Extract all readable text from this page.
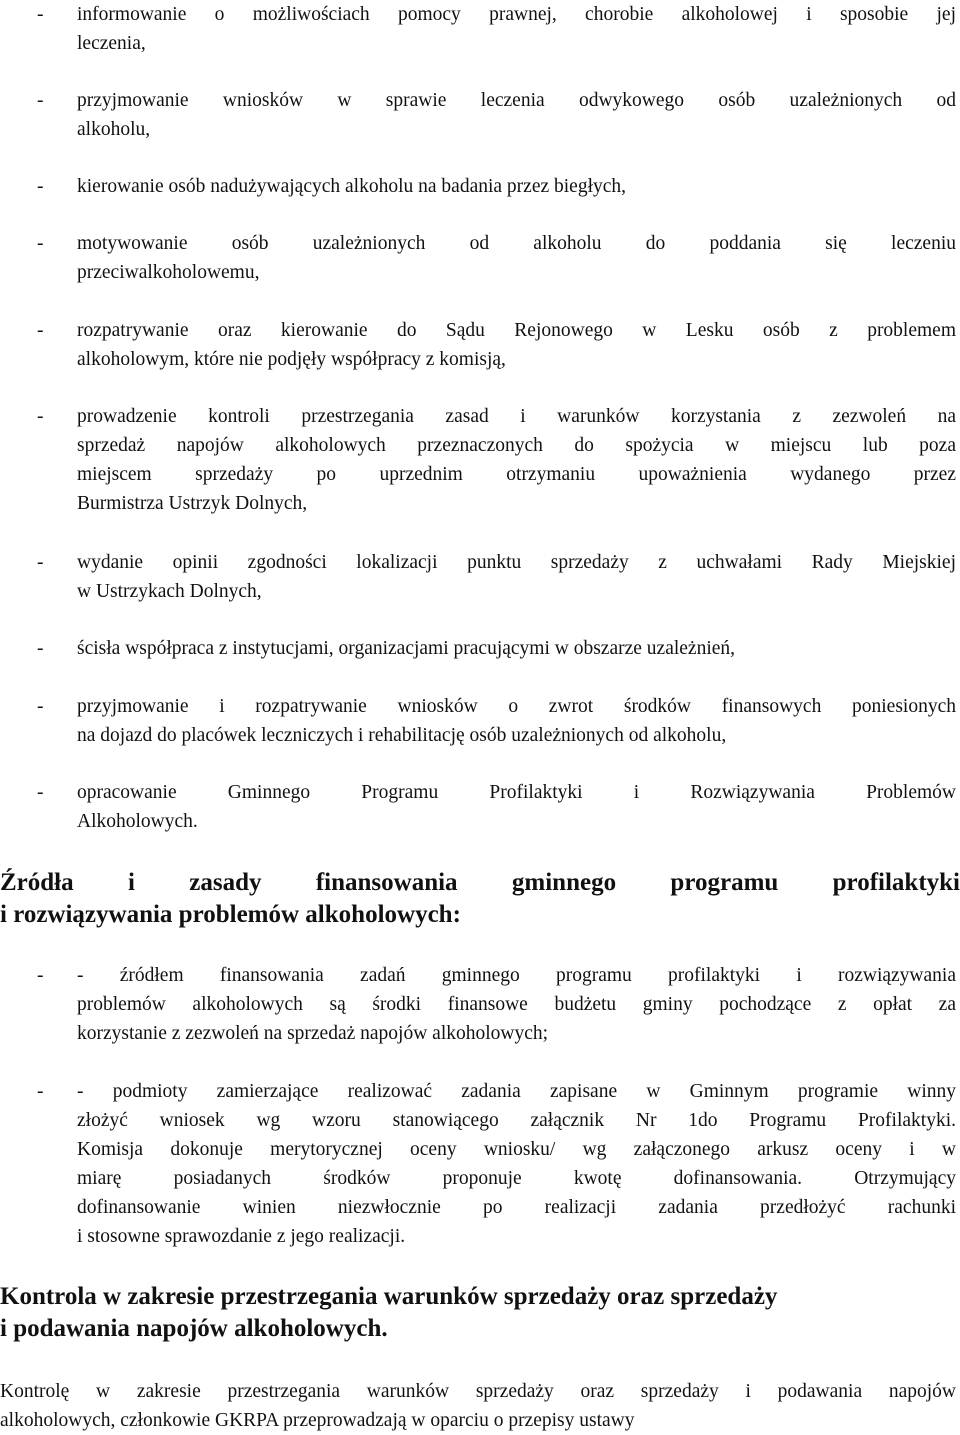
- informowanie o możliwościach pomocy prawnej, chorobie alkoholowej i sposobie jej
leczenia,
- przyjmowanie wniosków w sprawie leczenia odwykowego osób uzależnionych od
alkoholu,
- kierowanie osób nadużywających alkoholu na badania przez biegłych,
- motywowanie osób uzależnionych od alkoholu do poddania się leczeniu
przeciwalkoholowemu,
- rozpatrywanie oraz kierowanie do Sądu Rejonowego w Lesku osób z problemem
alkoholowym, które nie podjęły współpracy z komisją,
- prowadzenie kontroli przestrzegania zasad i warunków korzystania z zezwoleń na
sprzedaż napojów alkoholowych przeznaczonych do spożycia w miejscu lub poza
miejscem sprzedaży po uprzednim otrzymaniu upoważnienia wydanego przez
Burmistrza Ustrzyk Dolnych,
- wydanie opinii zgodności lokalizacji punktu sprzedaży z uchwałami Rady Miejskiej
w Ustrzykach Dolnych,
- ścisła współpraca z instytucjami, organizacjami pracującymi w obszarze uzależnień,
- przyjmowanie i rozpatrywanie wniosków o zwrot środków finansowych poniesionych
na dojazd do placówek leczniczych i rehabilitację osób uzależnionych od alkoholu,
- opracowanie Gminnego Programu Profilaktyki i Rozwiązywania Problemów
Alkoholowych.
Źródła i zasady finansowania gminnego programu profilaktyki
i rozwiązywania problemów alkoholowych:
- - źródłem finansowania zadań gminnego programu profilaktyki i rozwiązywania
problemów alkoholowych są środki finansowe budżetu gminy pochodzące z opłat za
korzystanie z zezwoleń na sprzedaż napojów alkoholowych;
- - podmioty zamierzające realizować zadania zapisane w Gminnym programie winny
złożyć wniosek wg wzoru stanowiącego załącznik Nr 1do Programu Profilaktyki.
Komisja dokonuje merytorycznej oceny wniosku/ wg załączonego arkusz oceny i w
miarę posiadanych środków proponuje kwotę dofinansowania. Otrzymujący
dofinansowanie winien niezwłocznie po realizacji zadania przedłożyć rachunki
i stosowne sprawozdanie z jego realizacji.
Kontrola w zakresie przestrzegania warunków sprzedaży oraz sprzedaży
i podawania napojów alkoholowych.
Kontrolę w zakresie przestrzegania warunków sprzedaży oraz sprzedaży i podawania napojów
alkoholowych, członkowie GKRPA przeprowadzają w oparciu o przepisy ustawy
